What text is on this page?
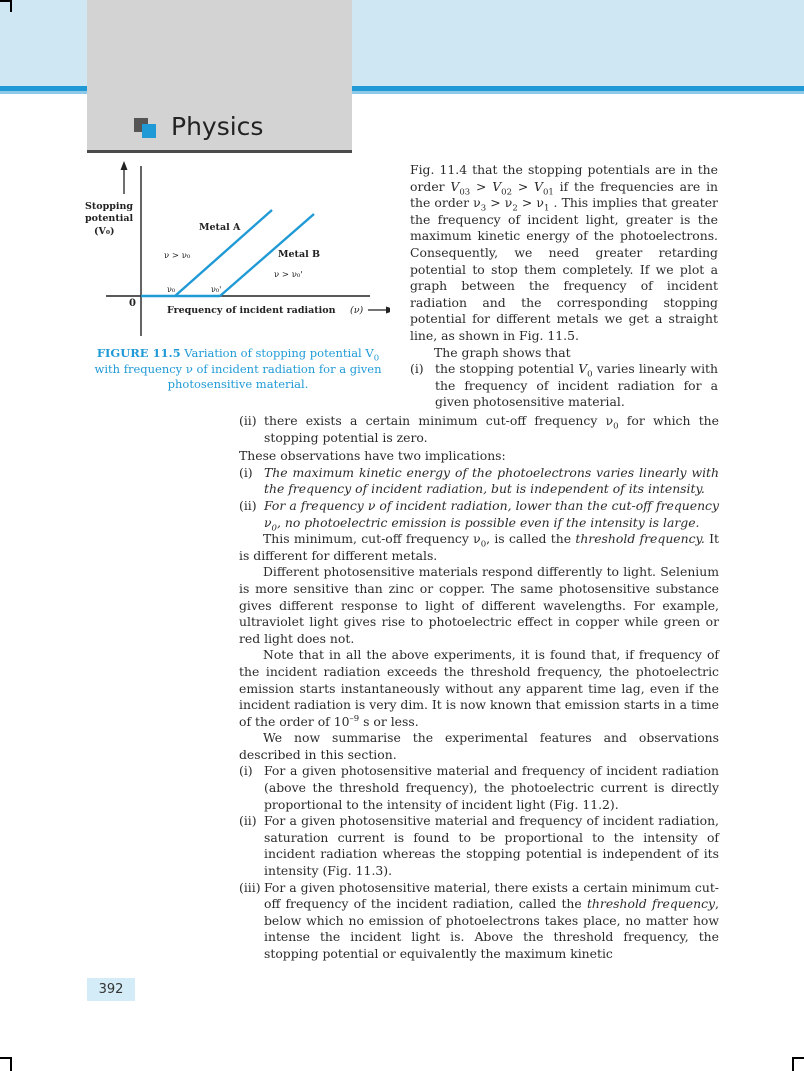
Physics
Stopping
potential
(V₀)	Metal A
Metal B
ν > ν₀
ν > ν₀'
ν₀	ν₀'
0
Frequency of incident radiation (ν)
FIGURE 11.5 Variation of stopping potential $V_0$ with frequency ν of incident radiation for a given photosensitive material.

Fig. 11.4 that the stopping potentials are in the order $V_{03} > V_{02} > V_{01}$ if the frequencies are in the order $\nu_3 > \nu_2 > \nu_1$ . This implies that greater the frequency of incident light, greater is the maximum kinetic energy of the photoelectrons. Consequently, we need greater retarding potential to stop them completely. If we plot a graph between the frequency of incident radiation and the corresponding stopping potential for different metals we get a straight line, as shown in Fig. 11.5.

The graph shows that

(i) the stopping potential $V_0$ varies linearly with the frequency of incident radiation for a given photosensitive material.

(ii) there exists a certain minimum cut-off frequency $\nu_0$ for which the stopping potential is zero.

These observations have two implications:

(i) The maximum kinetic energy of the photoelectrons varies linearly with the frequency of incident radiation, but is independent of its intensity.

(ii) For a frequency ν of incident radiation, lower than the cut-off frequency $\nu_0$, no photoelectric emission is possible even if the intensity is large.

This minimum, cut-off frequency $\nu_0$, is called the threshold frequency. It is different for different metals.

Different photosensitive materials respond differently to light. Selenium is more sensitive than zinc or copper. The same photosensitive substance gives different response to light of different wavelengths. For example, ultraviolet light gives rise to photoelectric effect in copper while green or red light does not.

Note that in all the above experiments, it is found that, if frequency of the incident radiation exceeds the threshold frequency, the photoelectric emission starts instantaneously without any apparent time lag, even if the incident radiation is very dim. It is now known that emission starts in a time of the order of $10^{-9}$ s or less.

We now summarise the experimental features and observations described in this section.

(i) For a given photosensitive material and frequency of incident radiation (above the threshold frequency), the photoelectric current is directly proportional to the intensity of incident light (Fig. 11.2).

(ii) For a given photosensitive material and frequency of incident radiation, saturation current is found to be proportional to the intensity of incident radiation whereas the stopping potential is independent of its intensity (Fig. 11.3).

(iii) For a given photosensitive material, there exists a certain minimum cut-off frequency of the incident radiation, called the threshold frequency, below which no emission of photoelectrons takes place, no matter how intense the incident light is. Above the threshold frequency, the stopping potential or equivalently the maximum kinetic

392
